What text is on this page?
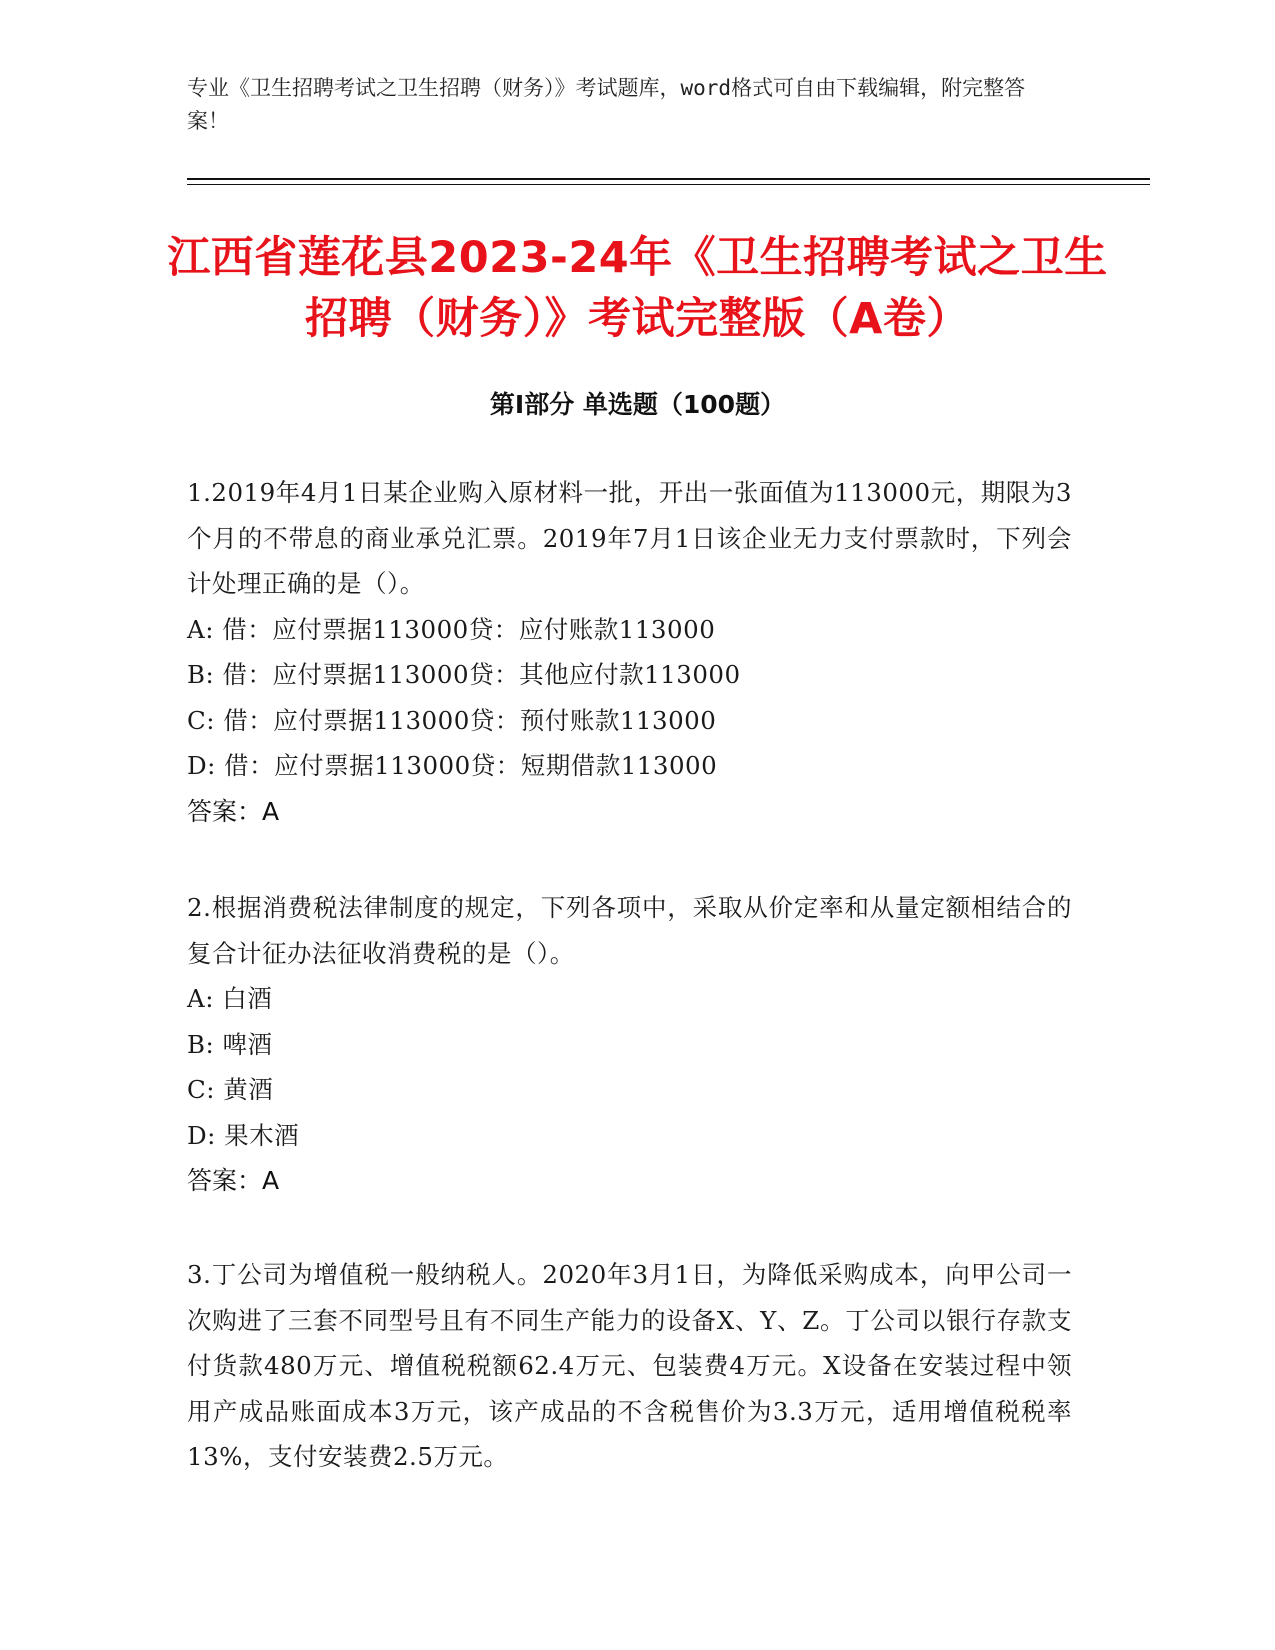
专业《卫生招聘考试之卫生招聘（财务）》考试题库，word格式可自由下载编辑，附完整答案！
江西省莲花县2023-24年《卫生招聘考试之卫生招聘（财务）》考试完整版（A卷）
第I部分 单选题（100题）
1.2019年4月1日某企业购入原材料一批，开出一张面值为113000元，期限为3个月的不带息的商业承兑汇票。2019年7月1日该企业无力支付票款时，下列会计处理正确的是（）。
A: 借：应付票据113000贷：应付账款113000
B: 借：应付票据113000贷：其他应付款113000
C: 借：应付票据113000贷：预付账款113000
D: 借：应付票据113000贷：短期借款113000
答案：A
2.根据消费税法律制度的规定，下列各项中，采取从价定率和从量定额相结合的复合计征办法征收消费税的是（）。
A: 白酒
B: 啤酒
C: 黄酒
D: 果木酒
答案：A
3.丁公司为增值税一般纳税人。2020年3月1日，为降低采购成本，向甲公司一次购进了三套不同型号且有不同生产能力的设备X、Y、Z。丁公司以银行存款支付货款480万元、增值税税额62.4万元、包装费4万元。X设备在安装过程中领用产成品账面成本3万元，该产成品的不含税售价为3.3万元，适用增值税税率13%，支付安装费2.5万元。
